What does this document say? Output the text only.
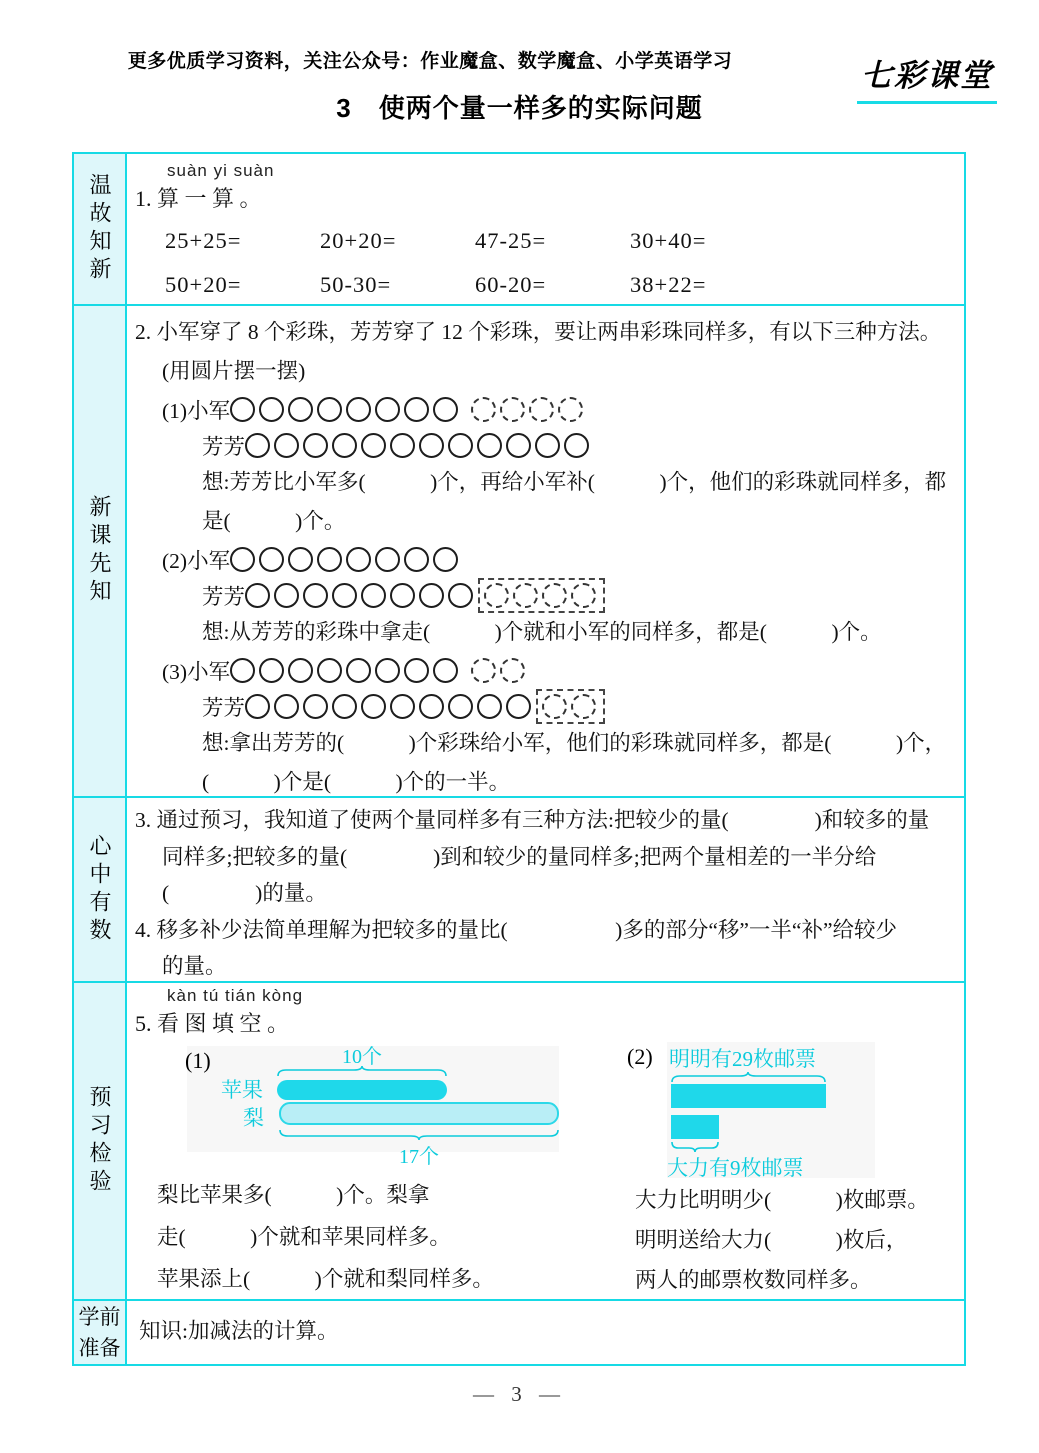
更多优质学习资料，关注公众号：作业魔盒、数学魔盒、小学英语学习	七彩课堂
3　使两个量一样多的实际问题
温故知新
suàn yi suàn
1. 算 一 算 。
25+25=	20+20=	47-25=	30+40=
50+20=	50-30=	60-20=	38+22=
新课先知
2. 小军穿了 8 个彩珠，芳芳穿了 12 个彩珠，要让两串彩珠同样多，有以下三种方法。
(用圆片摆一摆)
(1)小军
芳芳
想:芳芳比小军多(　　　)个，再给小军补(　　　)个，他们的彩珠就同样多，都
是(　　　)个。
(2)小军
芳芳
想:从芳芳的彩珠中拿走(　　　)个就和小军的同样多，都是(　　　)个。
(3)小军
芳芳
想:拿出芳芳的(　　　)个彩珠给小军，他们的彩珠就同样多，都是(　　　)个，
(　　　)个是(　　　)个的一半。
心中有数
3. 通过预习，我知道了使两个量同样多有三种方法:把较少的量(　　　　)和较多的量
同样多;把较多的量(　　　　)到和较少的量同样多;把两个量相差的一半分给
(　　　　)的量。
4. 移多补少法简单理解为把较多的量比(　　　　　)多的部分“移”一半“补”给较少
的量。
预习检验
kàn tú tián kòng
5. 看 图 填 空 。
(1)	10个
苹果
梨
17个
梨比苹果多(　　　)个。梨拿
走(　　　)个就和苹果同样多。
苹果添上(　　　)个就和梨同样多。
(2) 明明有29枚邮票
大力有9枚邮票
大力比明明少(　　　)枚邮票。
明明送给大力(　　　)枚后，
两人的邮票枚数同样多。
学前准备
知识:加减法的计算。
— 3 —
